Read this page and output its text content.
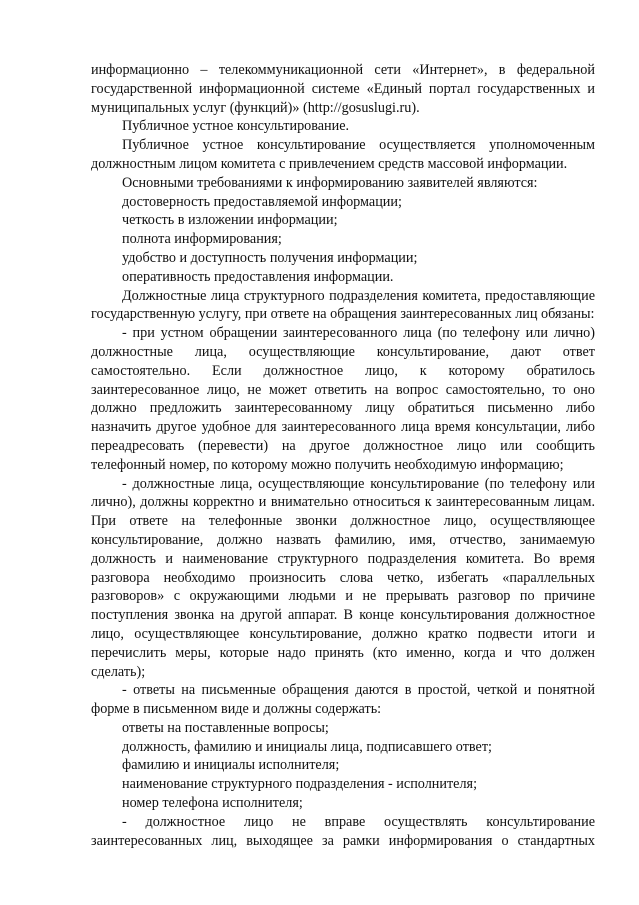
информационно – телекоммуникационной сети «Интернет», в федеральной государственной информационной системе «Единый портал государственных и муниципальных услуг (функций)» (http://gosuslugi.ru).

Публичное устное консультирование.

Публичное устное консультирование осуществляется уполномоченным должностным лицом комитета с привлечением средств массовой информации.

Основными требованиями к информированию заявителей являются:

достоверность предоставляемой информации;

четкость в изложении информации;

полнота информирования;

удобство и доступность получения информации;

оперативность предоставления информации.

Должностные лица структурного подразделения комитета, предоставляющие государственную услугу, при ответе на обращения заинтересованных лиц обязаны:

- при устном обращении заинтересованного лица (по телефону или лично) должностные лица, осуществляющие консультирование, дают ответ самостоятельно. Если должностное лицо, к которому обратилось заинтересованное лицо, не может ответить на вопрос самостоятельно, то оно должно предложить заинтересованному лицу обратиться письменно либо назначить другое удобное для заинтересованного лица время консультации, либо переадресовать (перевести) на другое должностное лицо или сообщить телефонный номер, по которому можно получить необходимую информацию;

- должностные лица, осуществляющие консультирование (по телефону или лично), должны корректно и внимательно относиться к заинтересованным лицам. При ответе на телефонные звонки должностное лицо, осуществляющее консультирование, должно назвать фамилию, имя, отчество, занимаемую должность и наименование структурного подразделения комитета. Во время разговора необходимо произносить слова четко, избегать «параллельных разговоров» с окружающими людьми и не прерывать разговор по причине поступления звонка на другой аппарат. В конце консультирования должностное лицо, осуществляющее консультирование, должно кратко подвести итоги и перечислить меры, которые надо принять (кто именно, когда и что должен сделать);

- ответы на письменные обращения даются в простой, четкой и понятной форме в письменном виде и должны содержать:

ответы на поставленные вопросы;

должность, фамилию и инициалы лица, подписавшего ответ;

фамилию и инициалы исполнителя;

наименование структурного подразделения - исполнителя;

номер телефона исполнителя;

- должностное лицо не вправе осуществлять консультирование заинтересованных лиц, выходящее за рамки информирования о стандартных
